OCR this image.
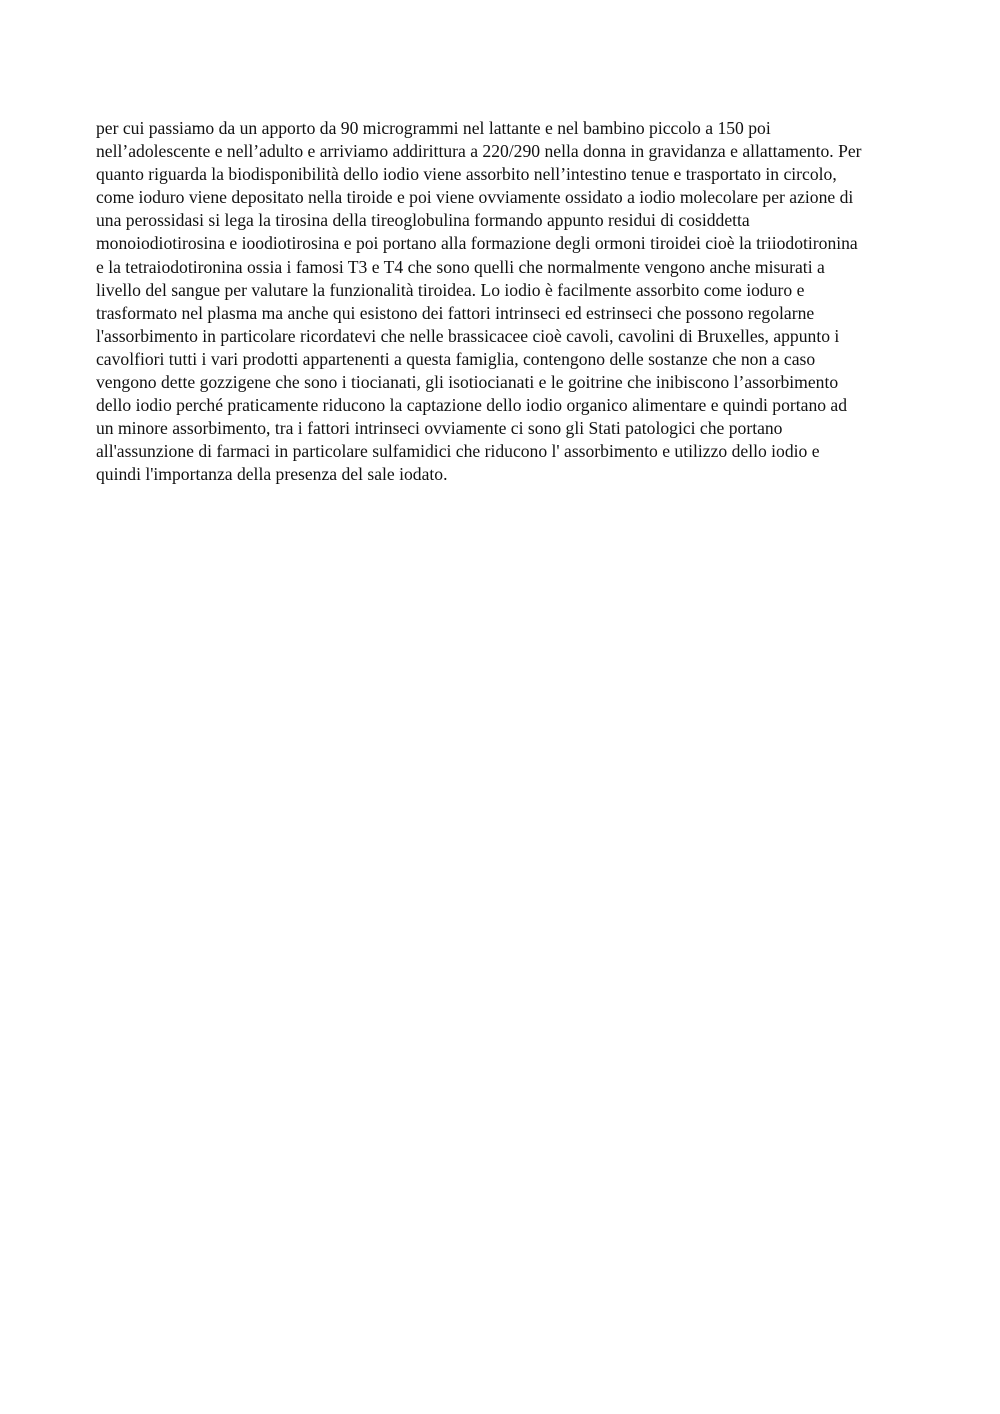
per cui passiamo da un apporto da 90 microgrammi nel lattante e nel bambino piccolo a 150 poi
nell’adolescente e nell’adulto e arriviamo addirittura a 220/290 nella donna in gravidanza e allattamento. Per
quanto riguarda la biodisponibilità dello iodio viene assorbito nell’intestino tenue e trasportato in circolo,
come ioduro viene depositato nella tiroide e poi viene ovviamente ossidato a iodio molecolare per azione di
una perossidasi si lega la tirosina della tireoglobulina formando appunto residui di cosiddetta
monoiodiotirosina e ioodiotirosina e poi portano alla formazione degli ormoni tiroidei cioè la triiodotironina
e la tetraiodotironina ossia i famosi T3 e T4 che sono quelli che normalmente vengono anche misurati a
livello del sangue per valutare la funzionalità tiroidea. Lo iodio è facilmente assorbito come ioduro e
trasformato nel plasma ma anche qui esistono dei fattori intrinseci ed estrinseci che possono regolarne
l'assorbimento in particolare ricordatevi che nelle brassicacee cioè cavoli, cavolini di Bruxelles, appunto i
cavolfiori tutti i vari prodotti appartenenti a questa famiglia, contengono delle sostanze che non a caso
vengono dette gozzigene che sono i tiocianati, gli isotiocianati e le goitrine che inibiscono l’assorbimento
dello iodio perché praticamente riducono la captazione dello iodio organico alimentare e quindi portano ad
un minore assorbimento, tra i fattori intrinseci ovviamente ci sono gli Stati patologici che portano
all'assunzione di farmaci in particolare sulfamidici che riducono l' assorbimento e utilizzo dello iodio e
quindi l'importanza della presenza del sale iodato.
